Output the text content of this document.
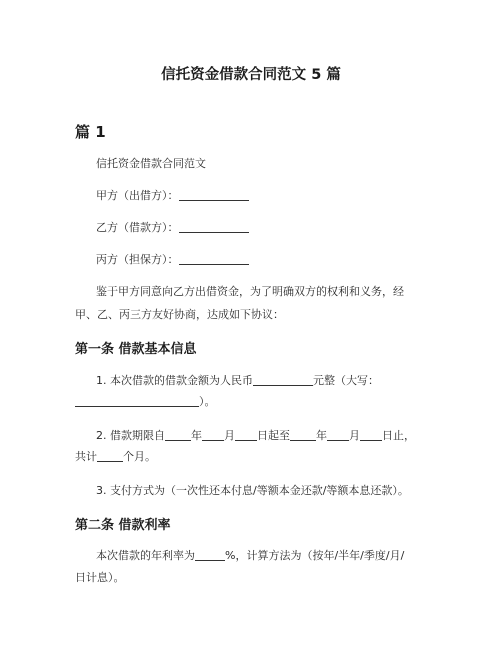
信托资金借款合同范文 5 篇
篇 1
信托资金借款合同范文
甲方（出借方）：
乙方（借款方）：
丙方（担保方）：
鉴于甲方同意向乙方出借资金，为了明确双方的权利和义务，经
甲、乙、丙三方友好协商，达成如下协议：
第一条 借款基本信息
1. 本次借款的借款金额为人民币	元整（大写：
）。
2. 借款期限自 年 月 日起至 年 月 日止，
共计 个月。
3. 支付方式为（一次性还本付息/等额本金还款/等额本息还款）。
第二条 借款利率
本次借款的年利率为	%，计算方法为（按年/半年/季度/月/
日计息）。
